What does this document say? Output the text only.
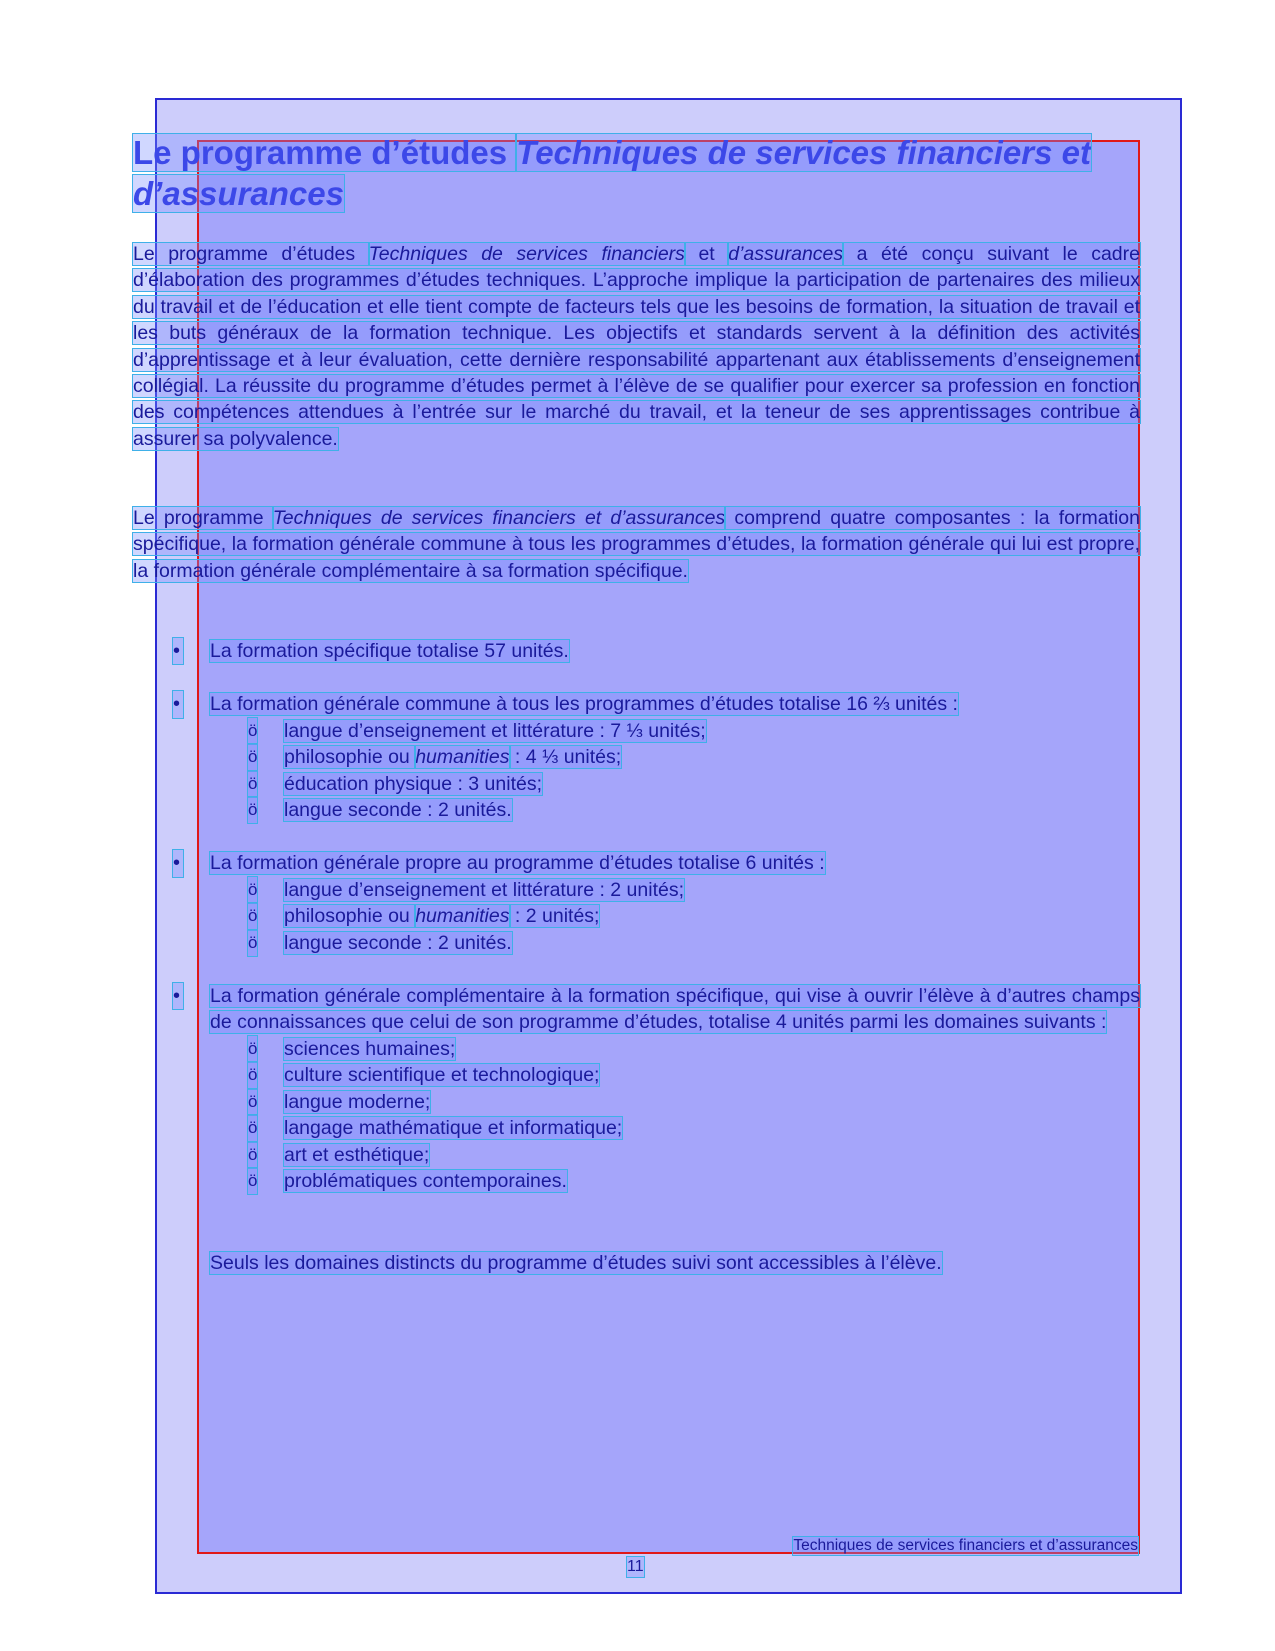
Le programme d’études Techniques de services financiers et d’assurances

Le programme d’études Techniques de services financiers et d’assurances a été conçu suivant le cadre d’élaboration des programmes d’études techniques. L’approche implique la participation de partenaires des milieux du travail et de l’éducation et elle tient compte de facteurs tels que les besoins de formation, la situation de travail et les buts généraux de la formation technique. Les objectifs et standards servent à la définition des activités d’apprentissage et à leur évaluation, cette dernière responsabilité appartenant aux établissements d’enseignement collégial. La réussite du programme d’études permet à l’élève de se qualifier pour exercer sa profession en fonction des compétences attendues à l’entrée sur le marché du travail, et la teneur de ses apprentissages contribue à assurer sa polyvalence.

Le programme Techniques de services financiers et d’assurances comprend quatre composantes : la formation spécifique, la formation générale commune à tous les programmes d’études, la formation générale qui lui est propre, la formation générale complémentaire à sa formation spécifique.

• La formation spécifique totalise 57 unités.
• La formation générale commune à tous les programmes d’études totalise 16 ⅔ unités :
ö langue d’enseignement et littérature : 7 ⅓ unités;
ö philosophie ou humanities : 4 ⅓ unités;
ö éducation physique : 3 unités;
ö langue seconde : 2 unités.
• La formation générale propre au programme d’études totalise 6 unités :
ö langue d’enseignement et littérature : 2 unités;
ö philosophie ou humanities : 2 unités;
ö langue seconde : 2 unités.
• La formation générale complémentaire à la formation spécifique, qui vise à ouvrir l’élève à d’autres champs de connaissances que celui de son programme d’études, totalise 4 unités parmi les domaines suivants :
ö sciences humaines;
ö culture scientifique et technologique;
ö langue moderne;
ö langage mathématique et informatique;
ö art et esthétique;
ö problématiques contemporaines.

Seuls les domaines distincts du programme d’études suivi sont accessibles à l’élève.

Techniques de services financiers et d’assurances
11
